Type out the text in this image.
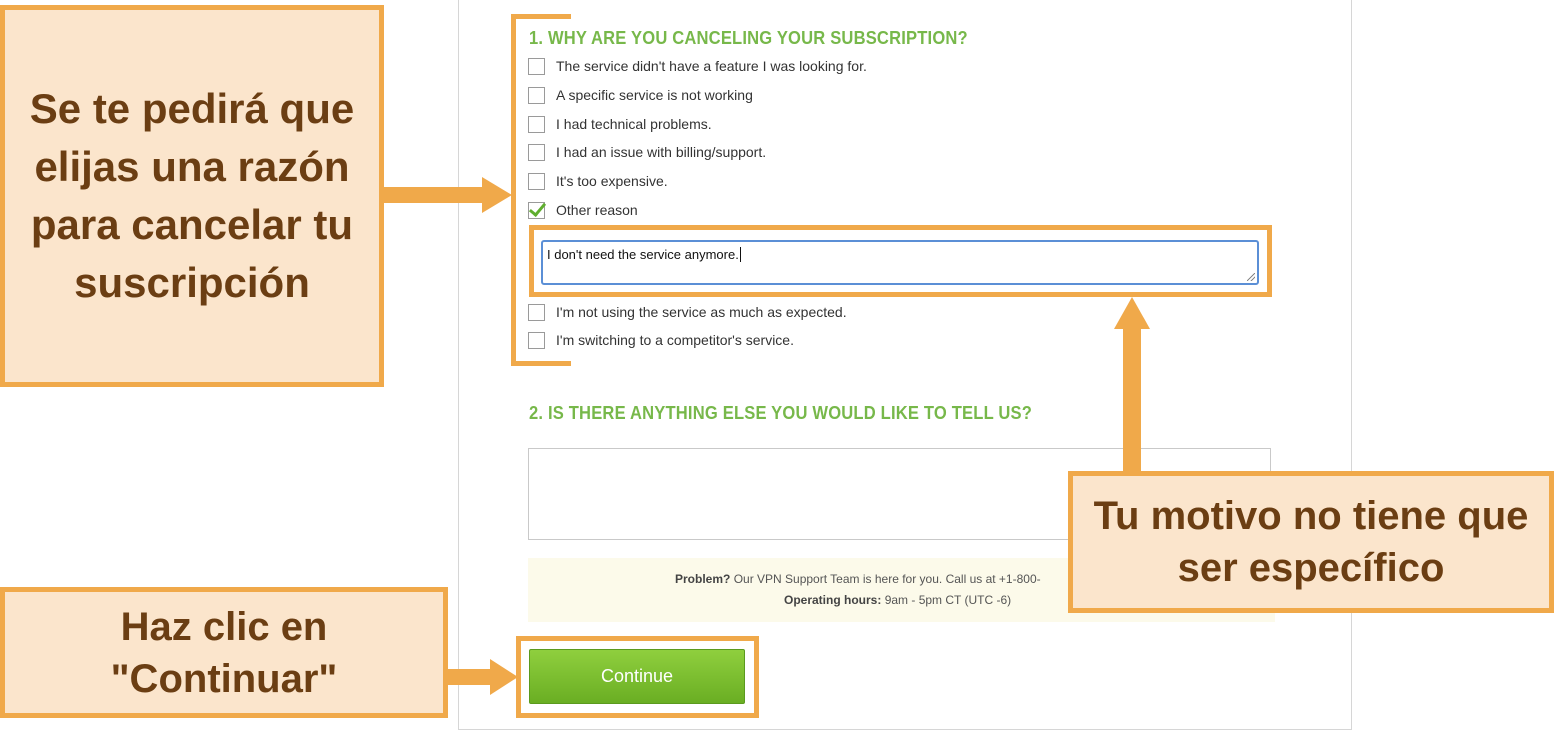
1. WHY ARE YOU CANCELING YOUR SUBSCRIPTION?
The service didn't have a feature I was looking for.
A specific service is not working
I had technical problems.
I had an issue with billing/support.
It's too expensive.
Other reason
I don't need the service anymore.
I'm not using the service as much as expected.
I'm switching to a competitor's service.
2. IS THERE ANYTHING ELSE YOU WOULD LIKE TO TELL US?
Problem? Our VPN Support Team is here for you. Call us at +1-800-
Operating hours: 9am - 5pm CT (UTC -6)
Continue
Se te pedirá que elijas una razón para cancelar tu suscripción
Tu motivo no tiene que ser específico
Haz clic en "Continuar"
